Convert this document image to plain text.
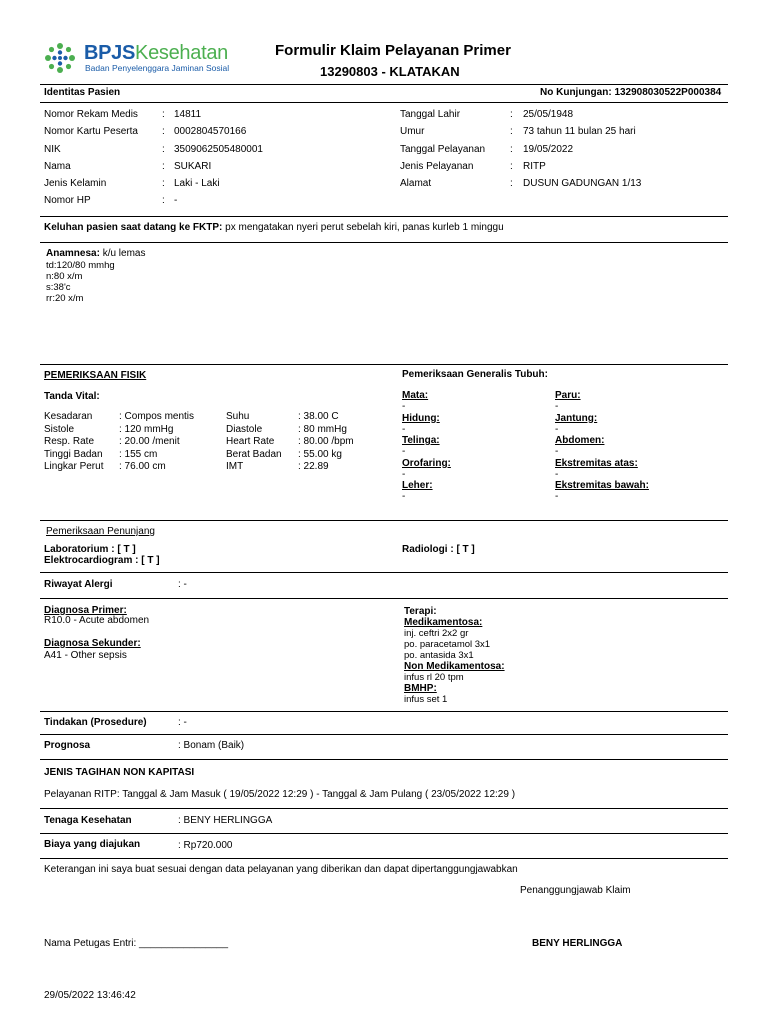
BPJSKesehatan
Badan Penyelenggara Jaminan Sosial
Formulir Klaim Pelayanan Primer
13290803 - KLATAKAN
Identitas Pasien	No Kunjungan: 132908030522P000384
Nomor Rekam Medis : 14811
Nomor Kartu Peserta : 0002804570166
NIK	: 3509062505480001
Nama	: SUKARI
Jenis Kelamin	: Laki - Laki
Nomor HP	: -
Tanggal Lahir	: 25/05/1948
Umur	: 73 tahun 11 bulan 25 hari
Tanggal Pelayanan : 19/05/2022
Jenis Pelayanan	: RITP
Alamat	: DUSUN GADUNGAN 1/13
Keluhan pasien saat datang ke FKTP: px mengatakan nyeri perut sebelah kiri, panas kurleb 1 minggu
Anamnesa: k/u lemas
td:120/80 mmhg
n:80 x/m
s:38'c
rr:20 x/m
PEMERIKSAAN FISIK
Tanda Vital:
Kesadaran	: Compos mentis
Sistole	: 120 mmHg
Resp. Rate : 20.00 /menit
Tinggi Badan : 155 cm
Lingkar Perut : 76.00 cm
Suhu	: 38.00 C
Diastole	: 80 mmHg
Heart Rate : 80.00 /bpm
Berat Badan : 55.00 kg
IMT	: 22.89
Pemeriksaan Generalis Tubuh:
Mata:
-
Hidung:
-
Telinga:
-
Orofaring:
-
Leher:
-
Paru:
-
Jantung:
-
Abdomen:
-
Ekstremitas atas:
-
Ekstremitas bawah:
-
Pemeriksaan Penunjang
Laboratorium : [ T ]
Elektrocardiogram : [ T ]
Radiologi : [ T ]
Riwayat Alergi	: -
Diagnosa Primer:
R10.0 - Acute abdomen
Diagnosa Sekunder:
A41 - Other sepsis
Terapi:
Medikamentosa:
inj. ceftri 2x2 gr
po. paracetamol 3x1
po. antasida 3x1
Non Medikamentosa:
infus rl 20 tpm
BMHP:
infus set 1
Tindakan (Prosedure)	: -
Prognosa	: Bonam (Baik)
JENIS TAGIHAN NON KAPITASI
Pelayanan RITP: Tanggal & Jam Masuk ( 19/05/2022 12:29 ) - Tanggal & Jam Pulang ( 23/05/2022 12:29 )
Tenaga Kesehatan	: BENY HERLINGGA
Biaya yang diajukan	: Rp720.000
Keterangan ini saya buat sesuai dengan data pelayanan yang diberikan dan dapat dipertanggungjawabkan
Penanggungjawab Klaim
Nama Petugas Entri: ________________	BENY HERLINGGA
29/05/2022 13:46:42
